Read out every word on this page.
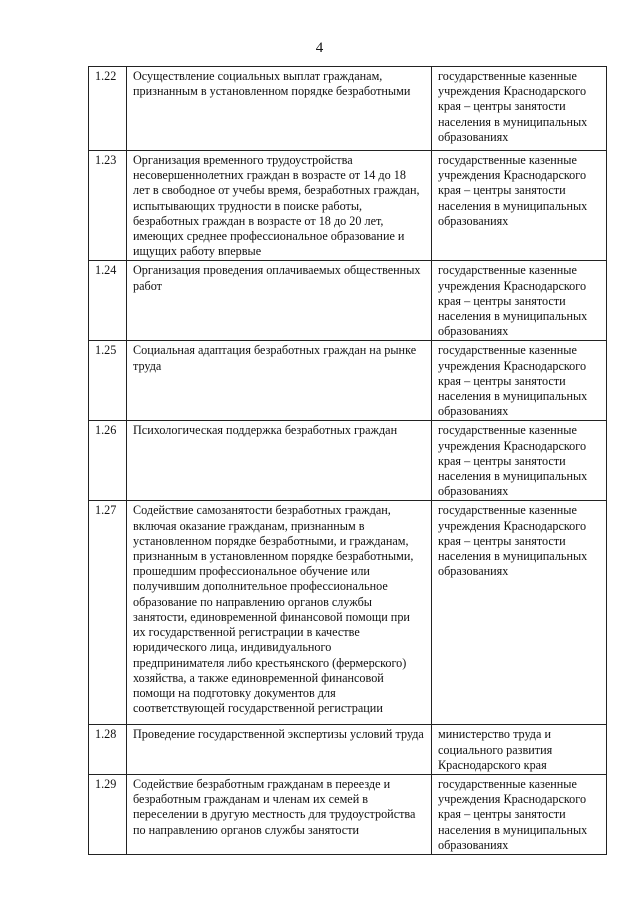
4
1.22	Осуществление социальных выплат гражданам, признанным в установленном порядке безработными	государственные казенные учреждения Краснодарского края – центры занятости населения в муниципальных образованиях
1.23	Организация временного трудоустройства несовершеннолетних граждан в возрасте от 14 до 18 лет в свободное от учебы время, безработных граждан, испытывающих трудности в поиске работы, безработных граждан в возрасте от 18 до 20 лет, имеющих среднее профессиональное образование и ищущих работу впервые	государственные казенные учреждения Краснодарского края – центры занятости населения в муниципальных образованиях
1.24	Организация проведения оплачиваемых общественных работ	государственные казенные учреждения Краснодарского края – центры занятости населения в муниципальных образованиях
1.25	Социальная адаптация безработных граждан на рынке труда	государственные казенные учреждения Краснодарского края – центры занятости населения в муниципальных образованиях
1.26	Психологическая поддержка безработных граждан	государственные казенные учреждения Краснодарского края – центры занятости населения в муниципальных образованиях
1.27	Содействие самозанятости безработных граждан, включая оказание гражданам, признанным в установленном порядке безработными, и гражданам, признанным в установленном порядке безработными, прошедшим профессиональное обучение или получившим дополнительное профессиональное образование по направлению органов службы занятости, единовременной финансовой помощи при их государственной регистрации в качестве юридического лица, индивидуального предпринимателя либо крестьянского (фермерского) хозяйства, а также единовременной финансовой помощи на подготовку документов для соответствующей государственной регистрации	государственные казенные учреждения Краснодарского края – центры занятости населения в муниципальных образованиях
1.28	Проведение государственной экспертизы условий труда	министерство труда и социального развития Краснодарского края
1.29	Содействие безработным гражданам в переезде и безработным гражданам и членам их семей в переселении в другую местность для трудоустройства по направлению органов службы занятости	государственные казенные учреждения Краснодарского края – центры занятости населения в муниципальных образованиях
